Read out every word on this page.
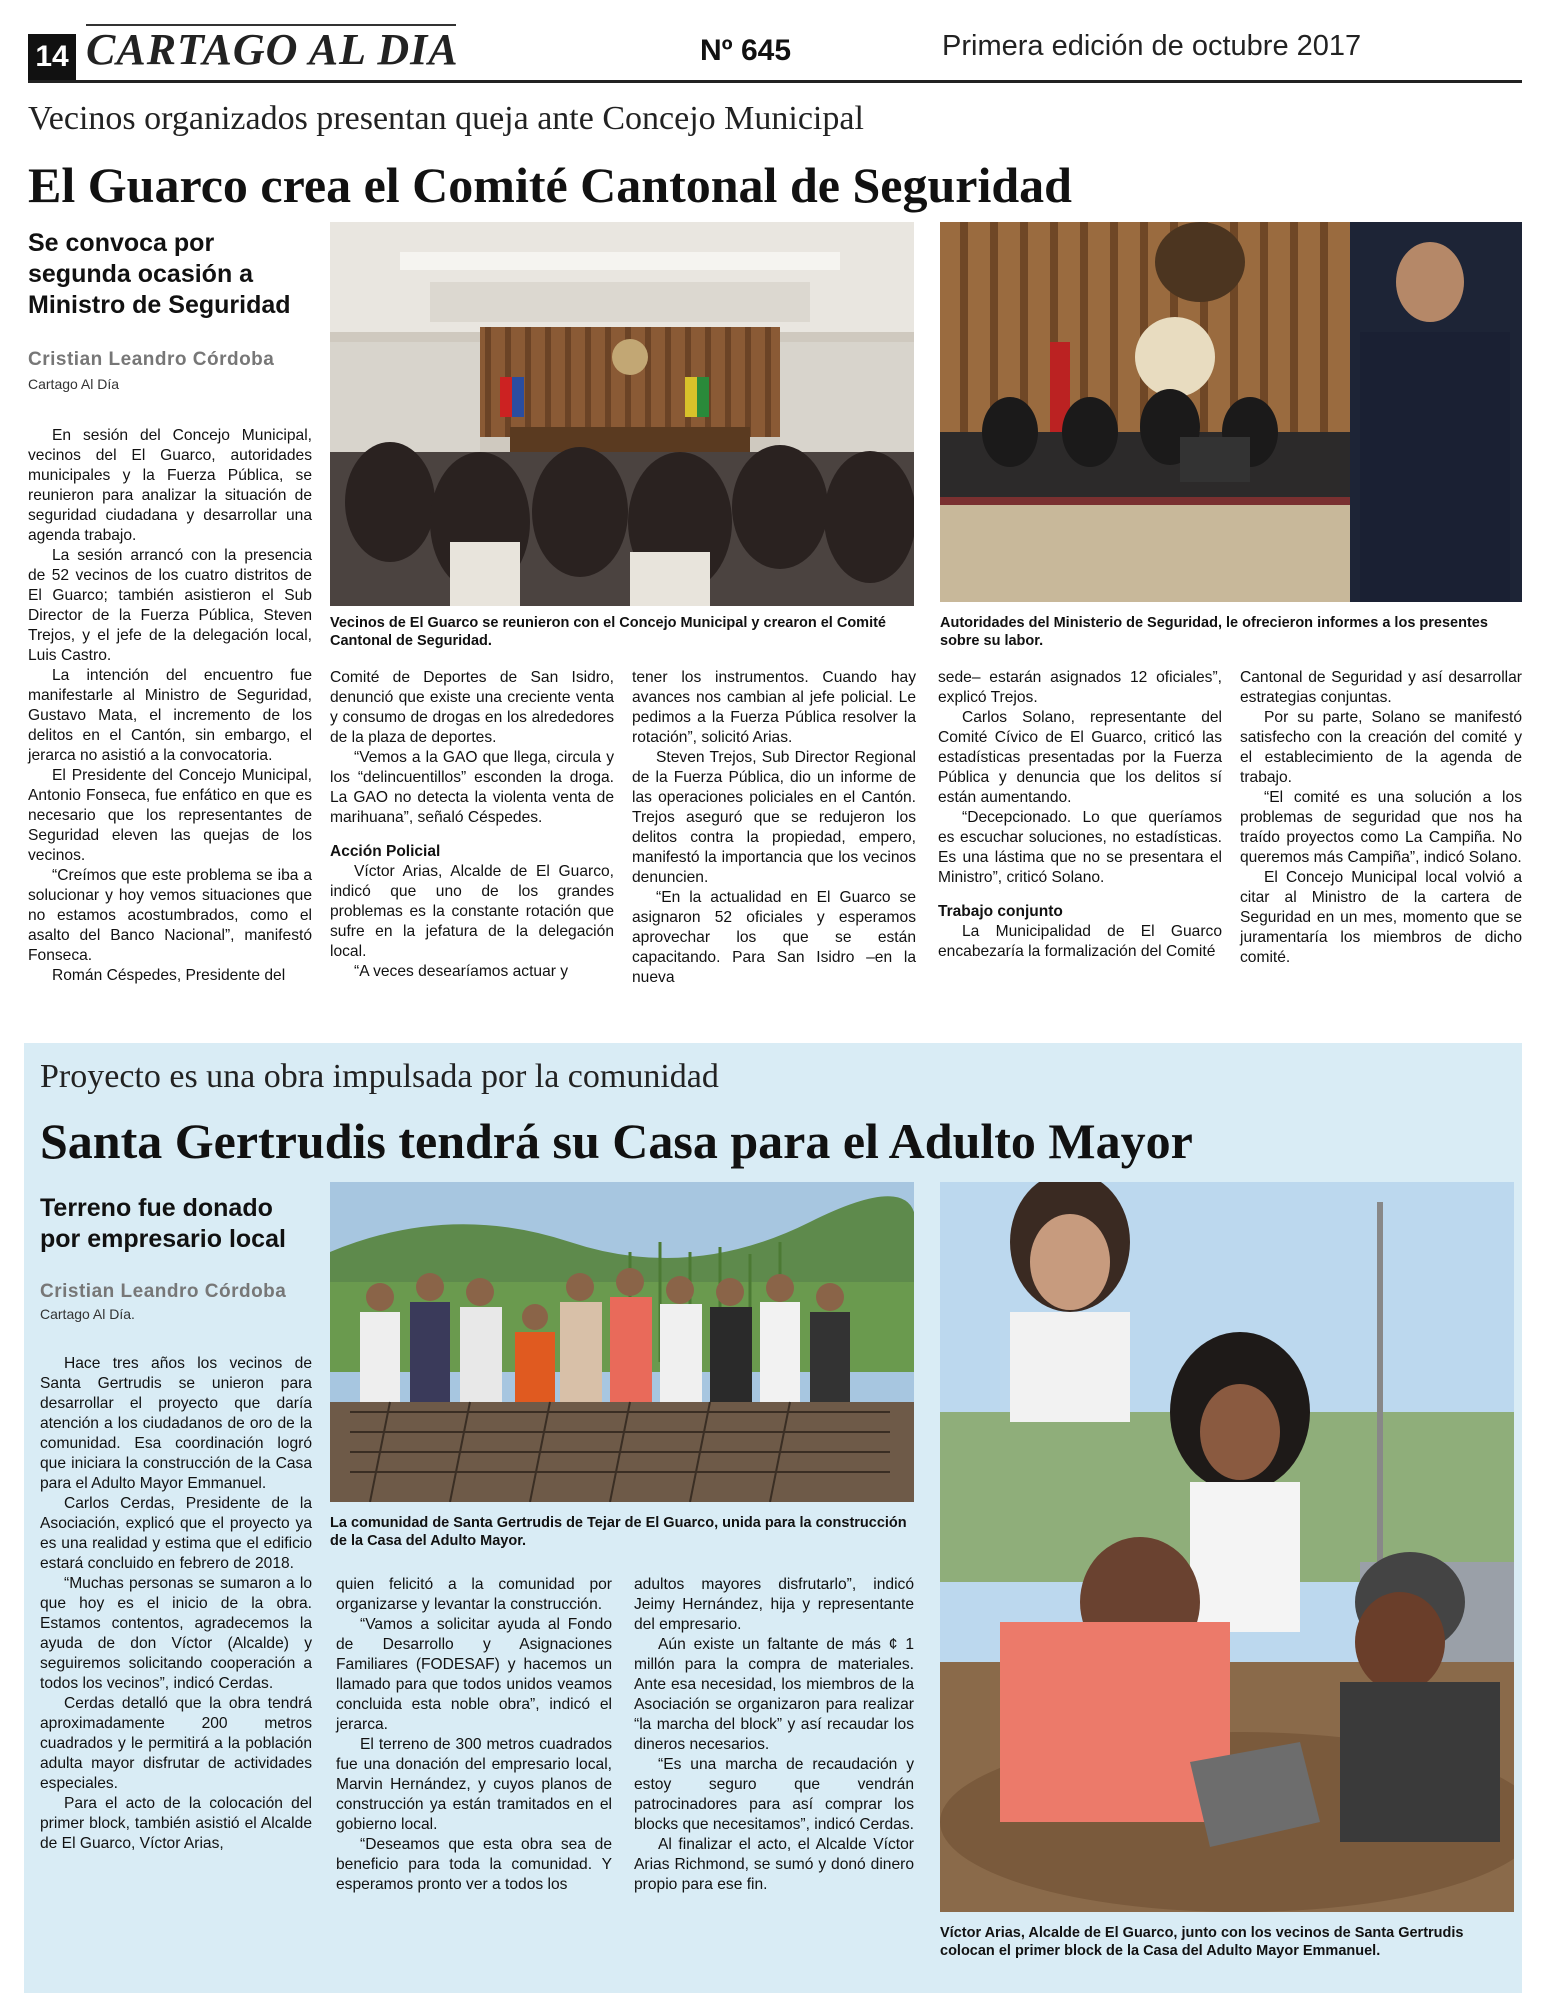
14 CARTAGO AL DIA	Nº 645	Primera edición de octubre 2017
Vecinos organizados presentan queja ante Concejo Municipal
El Guarco crea el Comité Cantonal de Seguridad
Se convoca por segunda ocasión a Ministro de Seguridad
Cristian Leandro Córdoba
Cartago Al Día
Vecinos de El Guarco se reunieron con el Concejo Municipal y crearon el Comité Cantonal de Seguridad.
Autoridades del Ministerio de Seguridad, le ofrecieron informes a los presentes sobre su labor.

En sesión del Concejo Municipal, vecinos del El Guarco, autoridades municipales y la Fuerza Pública, se reunieron para analizar la situación de seguridad ciudadana y desarrollar una agenda trabajo.

La sesión arrancó con la presencia de 52 vecinos de los cuatro distritos de El Guarco; también asistieron el Sub Director de la Fuerza Pública, Steven Trejos, y el jefe de la delegación local, Luis Castro.

La intención del encuentro fue manifestarle al Ministro de Seguridad, Gustavo Mata, el incremento de los delitos en el Cantón, sin embargo, el jerarca no asistió a la convocatoria.

El Presidente del Concejo Municipal, Antonio Fonseca, fue enfático en que es necesario que los representantes de Seguridad eleven las quejas de los vecinos.

“Creímos que este problema se iba a solucionar y hoy vemos situaciones que no estamos acostumbrados, como el asalto del Banco Nacional”, manifestó Fonseca.

Román Céspedes, Presidente del

Comité de Deportes de San Isidro, denunció que existe una creciente venta y consumo de drogas en los alrededores de la plaza de deportes.

“Vemos a la GAO que llega, circula y los “delincuentillos” esconden la droga. La GAO no detecta la violenta venta de marihuana”, señaló Céspedes.

Acción Policial

Víctor Arias, Alcalde de El Guarco, indicó que uno de los grandes problemas es la constante rotación que sufre en la jefatura de la delegación local.

“A veces desearíamos actuar y

tener los instrumentos. Cuando hay avances nos cambian al jefe policial. Le pedimos a la Fuerza Pública resolver la rotación”, solicitó Arias.

Steven Trejos, Sub Director Regional de la Fuerza Pública, dio un informe de las operaciones policiales en el Cantón. Trejos aseguró que se redujeron los delitos contra la propiedad, empero, manifestó la importancia que los vecinos denuncien.

“En la actualidad en El Guarco se asignaron 52 oficiales y esperamos aprovechar los que se están capacitando. Para San Isidro –en la nueva

sede– estarán asignados 12 oficiales”, explicó Trejos.

Carlos Solano, representante del Comité Cívico de El Guarco, criticó las estadísticas presentadas por la Fuerza Pública y denuncia que los delitos sí están aumentando.

“Decepcionado. Lo que queríamos es escuchar soluciones, no estadísticas. Es una lástima que no se presentara el Ministro”, criticó Solano.

Trabajo conjunto

La Municipalidad de El Guarco encabezaría la formalización del Comité

Cantonal de Seguridad y así desarrollar estrategias conjuntas.

Por su parte, Solano se manifestó satisfecho con la creación del comité y el establecimiento de la agenda de trabajo.

“El comité es una solución a los problemas de seguridad que nos ha traído proyectos como La Campiña. No queremos más Campiña”, indicó Solano.

El Concejo Municipal local volvió a citar al Ministro de la cartera de Seguridad en un mes, momento que se juramentaría los miembros de dicho comité.

Proyecto es una obra impulsada por la comunidad
Santa Gertrudis tendrá su Casa para el Adulto Mayor
Terreno fue donado por empresario local
Cristian Leandro Córdoba
Cartago Al Día.
La comunidad de Santa Gertrudis de Tejar de El Guarco, unida para la construcción de la Casa del Adulto Mayor.
Víctor Arias, Alcalde de El Guarco, junto con los vecinos de Santa Gertrudis colocan el primer block de la Casa del Adulto Mayor Emmanuel.

Hace tres años los vecinos de Santa Gertrudis se unieron para desarrollar el proyecto que daría atención a los ciudadanos de oro de la comunidad. Esa coordinación logró que iniciara la construcción de la Casa para el Adulto Mayor Emmanuel.

Carlos Cerdas, Presidente de la Asociación, explicó que el proyecto ya es una realidad y estima que el edificio estará concluido en febrero de 2018.

“Muchas personas se sumaron a lo que hoy es el inicio de la obra. Estamos contentos, agradecemos la ayuda de don Víctor (Alcalde) y seguiremos solicitando cooperación a todos los vecinos”, indicó Cerdas.

Cerdas detalló que la obra tendrá aproximadamente 200 metros cuadrados y le permitirá a la población adulta mayor disfrutar de actividades especiales.

Para el acto de la colocación del primer block, también asistió el Alcalde de El Guarco, Víctor Arias,

quien felicitó a la comunidad por organizarse y levantar la construcción.

“Vamos a solicitar ayuda al Fondo de Desarrollo y Asignaciones Familiares (FODESAF) y hacemos un llamado para que todos unidos veamos concluida esta noble obra”, indicó el jerarca.

El terreno de 300 metros cuadrados fue una donación del empresario local, Marvin Hernández, y cuyos planos de construcción ya están tramitados en el gobierno local.

“Deseamos que esta obra sea de beneficio para toda la comunidad. Y esperamos pronto ver a todos los

adultos mayores disfrutarlo”, indicó Jeimy Hernández, hija y representante del empresario.

Aún existe un faltante de más ¢ 1 millón para la compra de materiales. Ante esa necesidad, los miembros de la Asociación se organizaron para realizar “la marcha del block” y así recaudar los dineros necesarios.

“Es una marcha de recaudación y estoy seguro que vendrán patrocinadores para así comprar los blocks que necesitamos”, indicó Cerdas.

Al finalizar el acto, el Alcalde Víctor Arias Richmond, se sumó y donó dinero propio para ese fin.
